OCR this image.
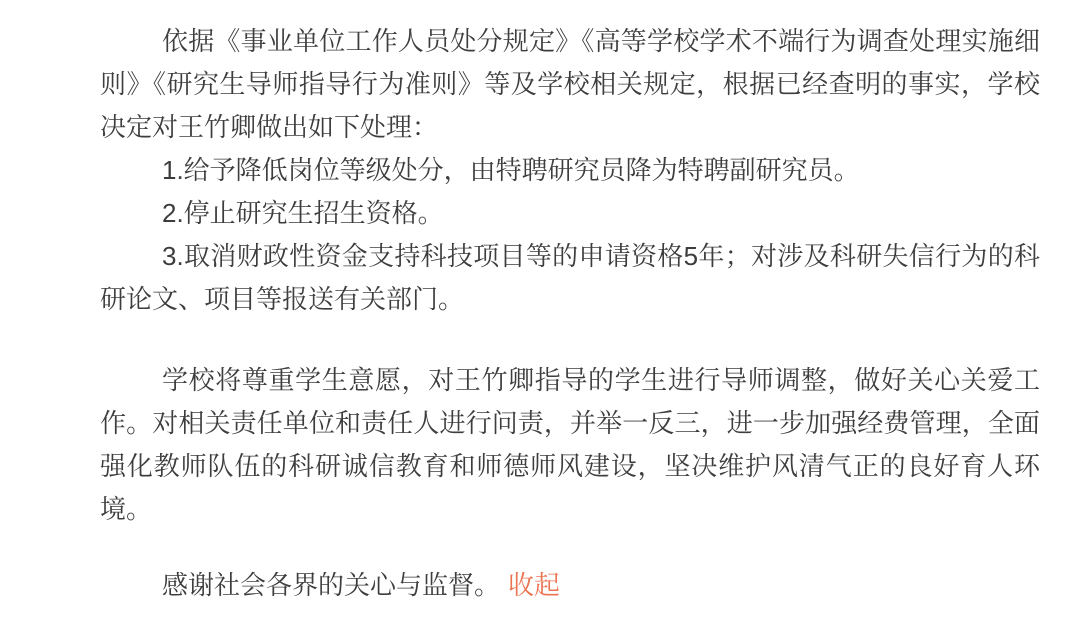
依据《事业单位工作人员处分规定》《高等学校学术不端行为调查处理实施细则》《研究生导师指导行为准则》等及学校相关规定，根据已经查明的事实，学校决定对王竹卿做出如下处理：

1.给予降低岗位等级处分，由特聘研究员降为特聘副研究员。

2.停止研究生招生资格。

3.取消财政性资金支持科技项目等的申请资格5年；对涉及科研失信行为的科研论文、项目等报送有关部门。

学校将尊重学生意愿，对王竹卿指导的学生进行导师调整，做好关心关爱工作。对相关责任单位和责任人进行问责，并举一反三，进一步加强经费管理，全面强化教师队伍的科研诚信教育和师德师风建设，坚决维护风清气正的良好育人环境。

感谢社会各界的关心与监督。 收起
